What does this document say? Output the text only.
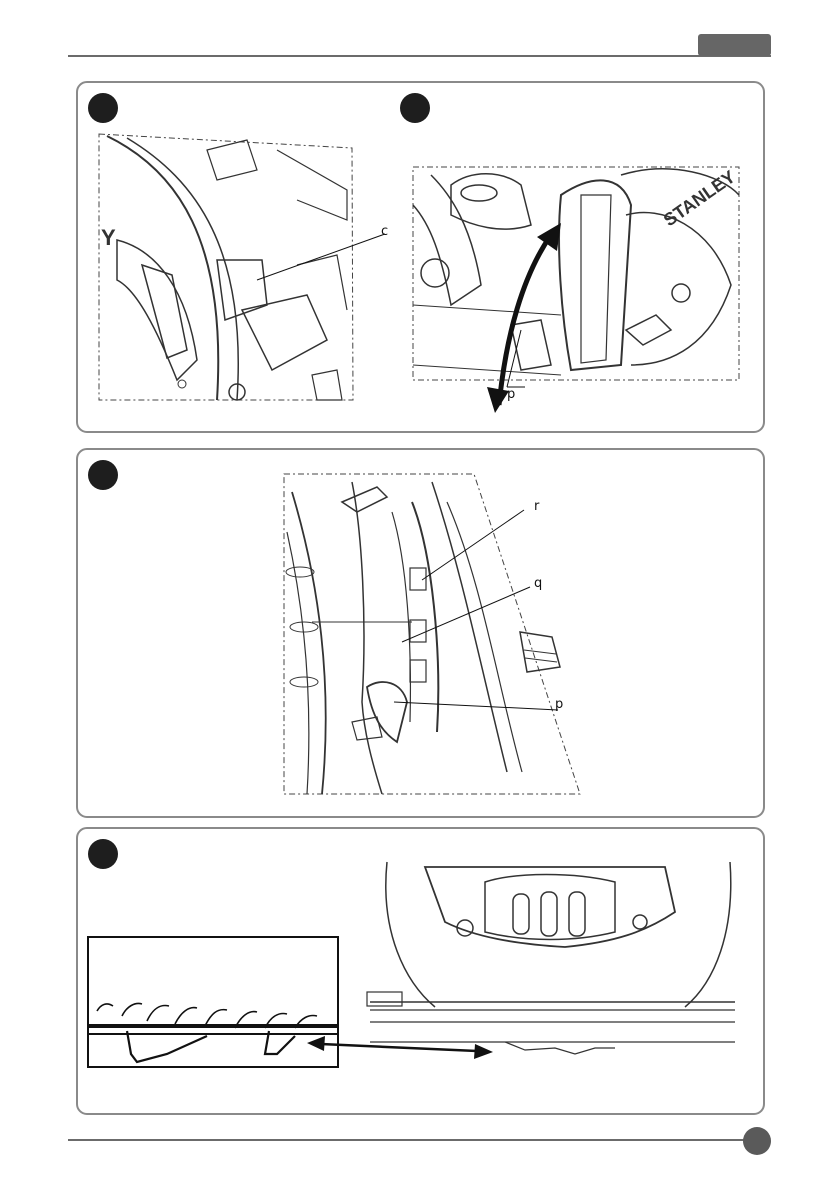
Y	c
STANLEY
p
r
q
p
